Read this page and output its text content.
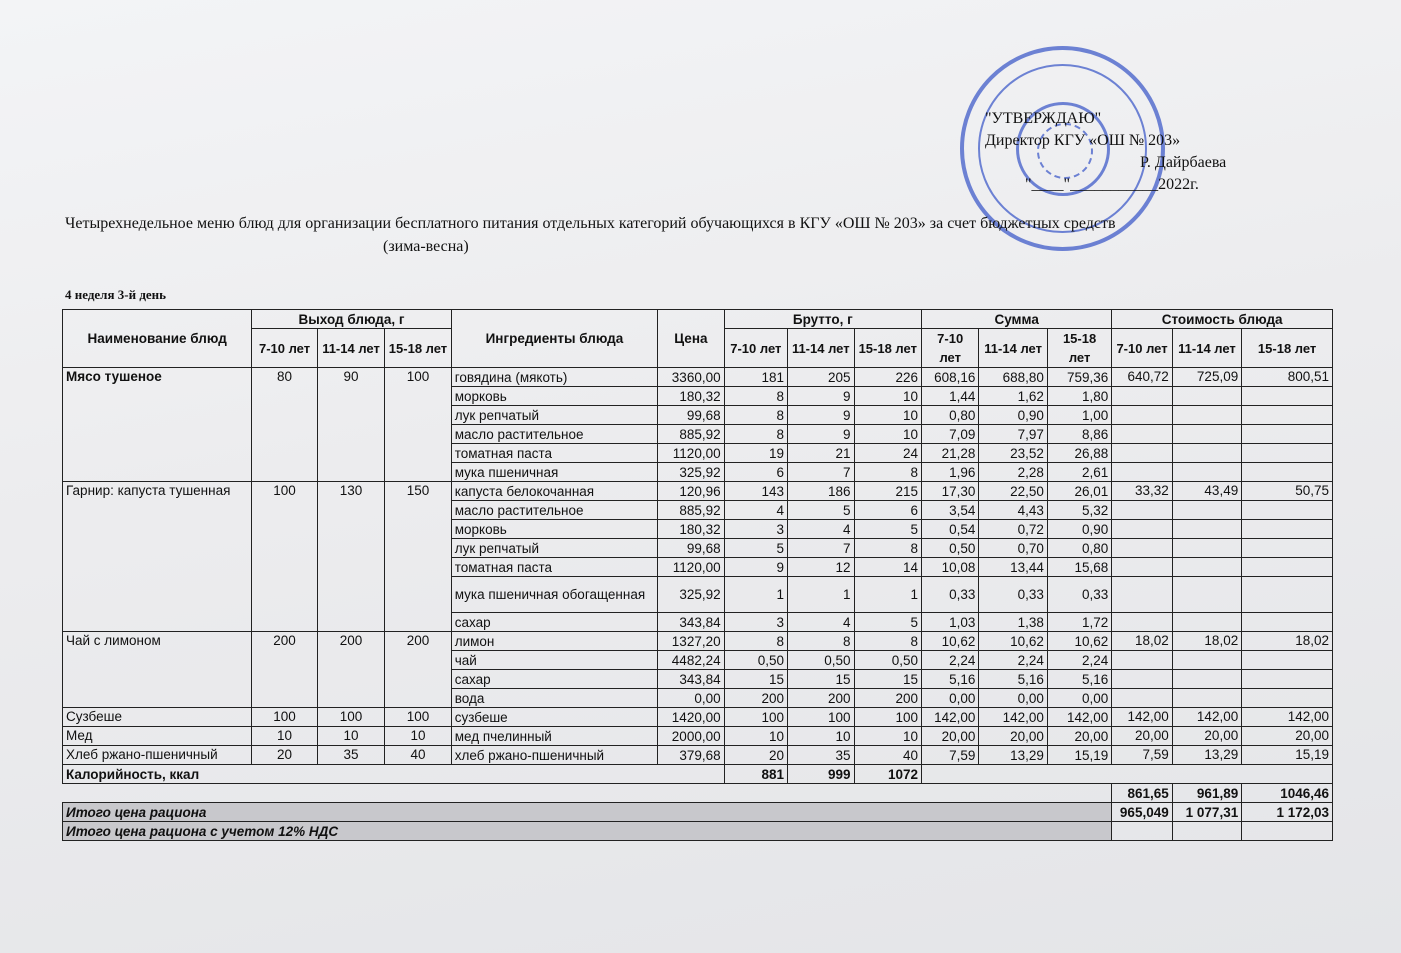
"УТВЕРЖДАЮ"
Директор КГУ «ОШ № 203»
Р. Дайрбаева
"____"___________2022г.
Четырехнедельное меню блюд для организации бесплатного питания отдельных категорий обучающихся в КГУ «ОШ № 203» за счет бюджетных средств
(зима-весна)
4 неделя 3-й день
Наименование блюд	Выход блюда, г			Ингредиенты блюда	Цена	Брутто, г			Сумма			Стоимость блюда		
	7-10 лет	11-14 лет	15-18 лет			7-10 лет	11-14 лет	15-18 лет	7-10 лет	11-14 лет	15-18 лет	7-10 лет	11-14 лет	15-18 лет
Мясо тушеное	80	90	100	говядина (мякоть)	3360,00	181	205	226	608,16	688,80	759,36	640,72	725,09	800,51
				морковь	180,32	8	9	10	1,44	1,62	1,80			
				лук репчатый	99,68	8	9	10	0,80	0,90	1,00			
				масло растительное	885,92	8	9	10	7,09	7,97	8,86			
				томатная паста	1120,00	19	21	24	21,28	23,52	26,88			
				мука пшеничная	325,92	6	7	8	1,96	2,28	2,61			
Гарнир: капуста тушенная	100	130	150	капуста белокочанная	120,96	143	186	215	17,30	22,50	26,01	33,32	43,49	50,75
				масло растительное	885,92	4	5	6	3,54	4,43	5,32			
				морковь	180,32	3	4	5	0,54	0,72	0,90			
				лук репчатый	99,68	5	7	8	0,50	0,70	0,80			
				томатная паста	1120,00	9	12	14	10,08	13,44	15,68			
				мука пшеничная обогащенная	325,92	1	1	1	0,33	0,33	0,33			
				сахар	343,84	3	4	5	1,03	1,38	1,72			
Чай с лимоном	200	200	200	лимон	1327,20	8	8	8	10,62	10,62	10,62	18,02	18,02	18,02
				чай	4482,24	0,50	0,50	0,50	2,24	2,24	2,24			
				сахар	343,84	15	15	15	5,16	5,16	5,16			
				вода	0,00	200	200	200	0,00	0,00	0,00			
Сузбеше	100	100	100	сузбеше	1420,00	100	100	100	142,00	142,00	142,00	142,00	142,00	142,00
Мед	10	10	10	мед пчелинный	2000,00	10	10	10	20,00	20,00	20,00	20,00	20,00	20,00
Хлеб ржано-пшеничный	20	35	40	хлеб ржано-пшеничный	379,68	20	35	40	7,59	13,29	15,19	7,59	13,29	15,19
Калорийность, ккал						881	999	1072						
												861,65	961,89	1046,46
Итого цена рациона												965,049	1 077,31	1 172,03
Итого цена рациона с учетом 12% НДС														
